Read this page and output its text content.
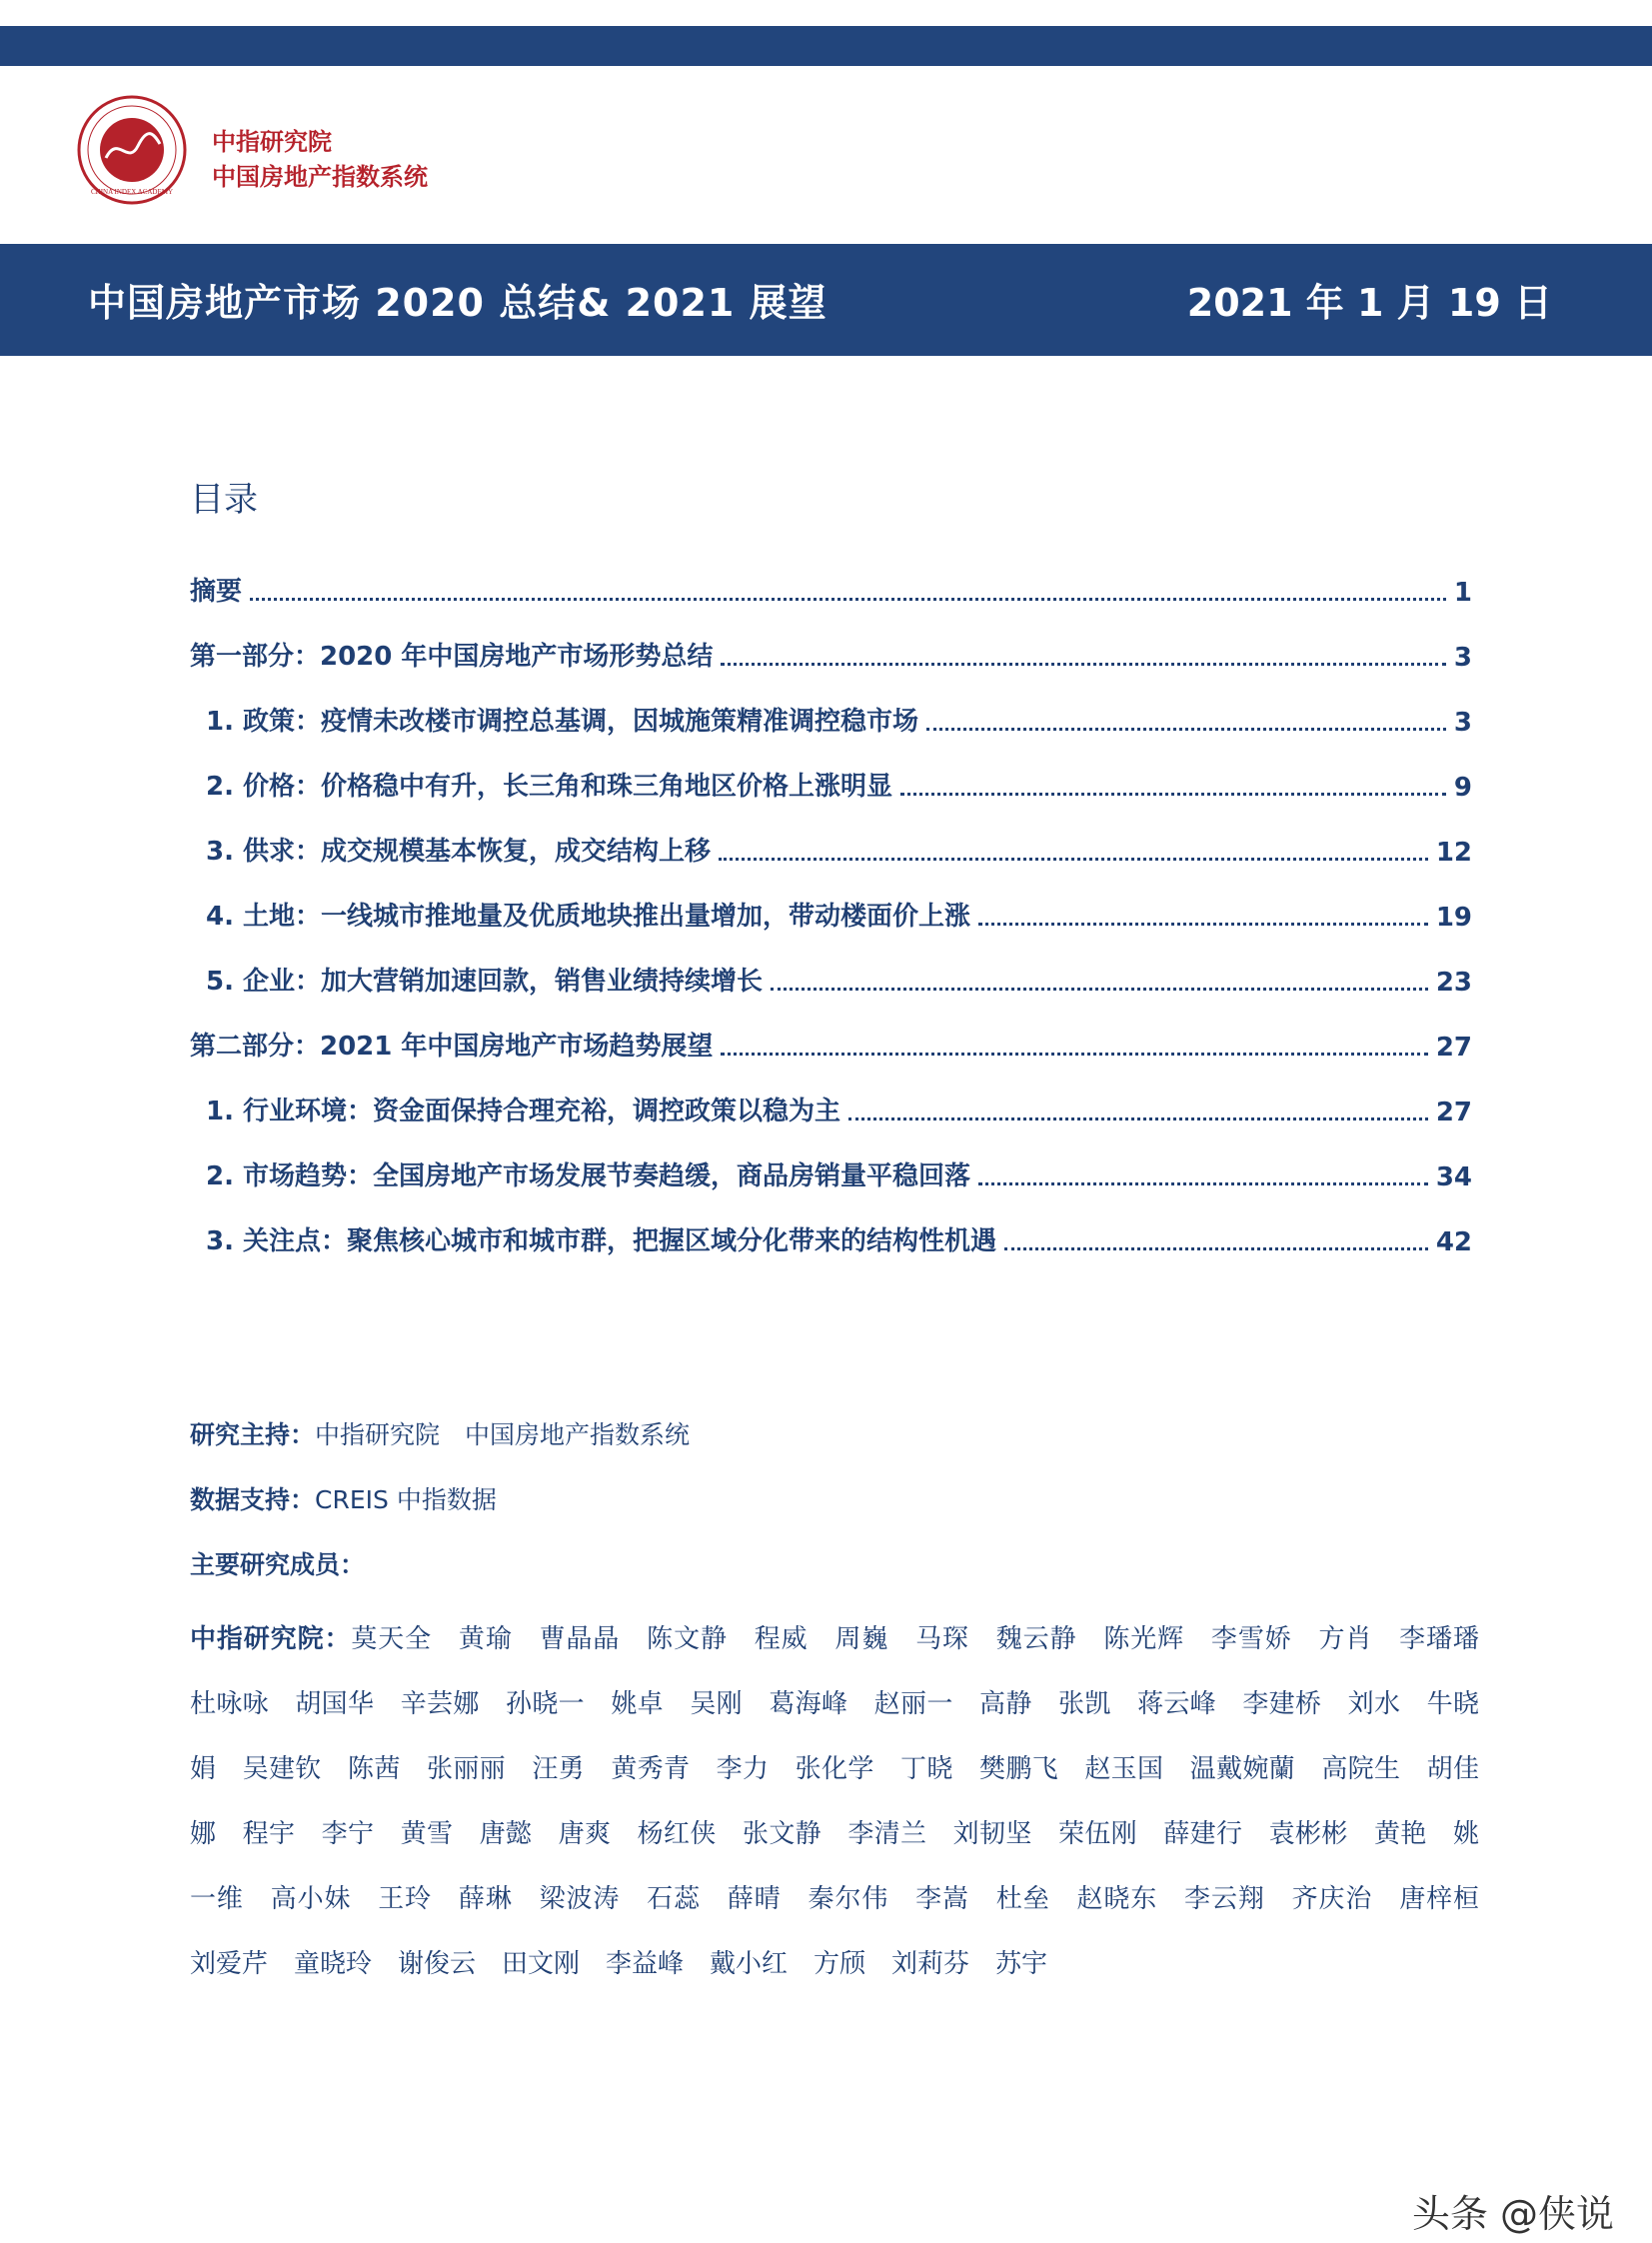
CHINA INDEX ACADEMY
中指研究院
中国房地产指数系统
中国房地产市场 2020 总结& 2021 展望	2021 年 1 月 19 日
目录
摘要	1
第一部分：2020 年中国房地产市场形势总结	3
1. 政策：疫情未改楼市调控总基调，因城施策精准调控稳市场	3
2. 价格：价格稳中有升，长三角和珠三角地区价格上涨明显	9
3. 供求：成交规模基本恢复，成交结构上移	12
4. 土地：一线城市推地量及优质地块推出量增加，带动楼面价上涨	19
5. 企业：加大营销加速回款，销售业绩持续增长	23
第二部分：2021 年中国房地产市场趋势展望	27
1. 行业环境：资金面保持合理充裕，调控政策以稳为主	27
2. 市场趋势：全国房地产市场发展节奏趋缓，商品房销量平稳回落	34
3. 关注点：聚焦核心城市和城市群，把握区域分化带来的结构性机遇	42
研究主持：中指研究院　中国房地产指数系统
数据支持：CREIS 中指数据
主要研究成员：
中指研究院：莫天全　黄瑜　曹晶晶　陈文静　程威　周巍　马琛　魏云静　陈光辉　李雪娇　方肖　李璠璠　杜咏咏　胡国华　辛芸娜　孙晓一　姚卓　吴刚　葛海峰　赵丽一　高静　张凯　蒋云峰　李建桥　刘水　牛晓娟　吴建钦　陈茜　张丽丽　汪勇　黄秀青　李力　张化学　丁晓　樊鹏飞　赵玉国　温戴婉蘭　高院生　胡佳娜　程宇　李宁　黄雪　唐懿　唐爽　杨红侠　张文静　李清兰　刘韧坚　荣伍刚　薛建行　袁彬彬　黄艳　姚一维　高小妹　王玲　薛琳　梁波涛　石蕊　薛晴　秦尔伟　李嵩　杜垒　赵晓东　李云翔　齐庆治　唐梓桓　刘爱芹　童晓玲　谢俊云　田文刚　李益峰　戴小红　方颀　刘莉芬　苏宇
头条 @侠说
